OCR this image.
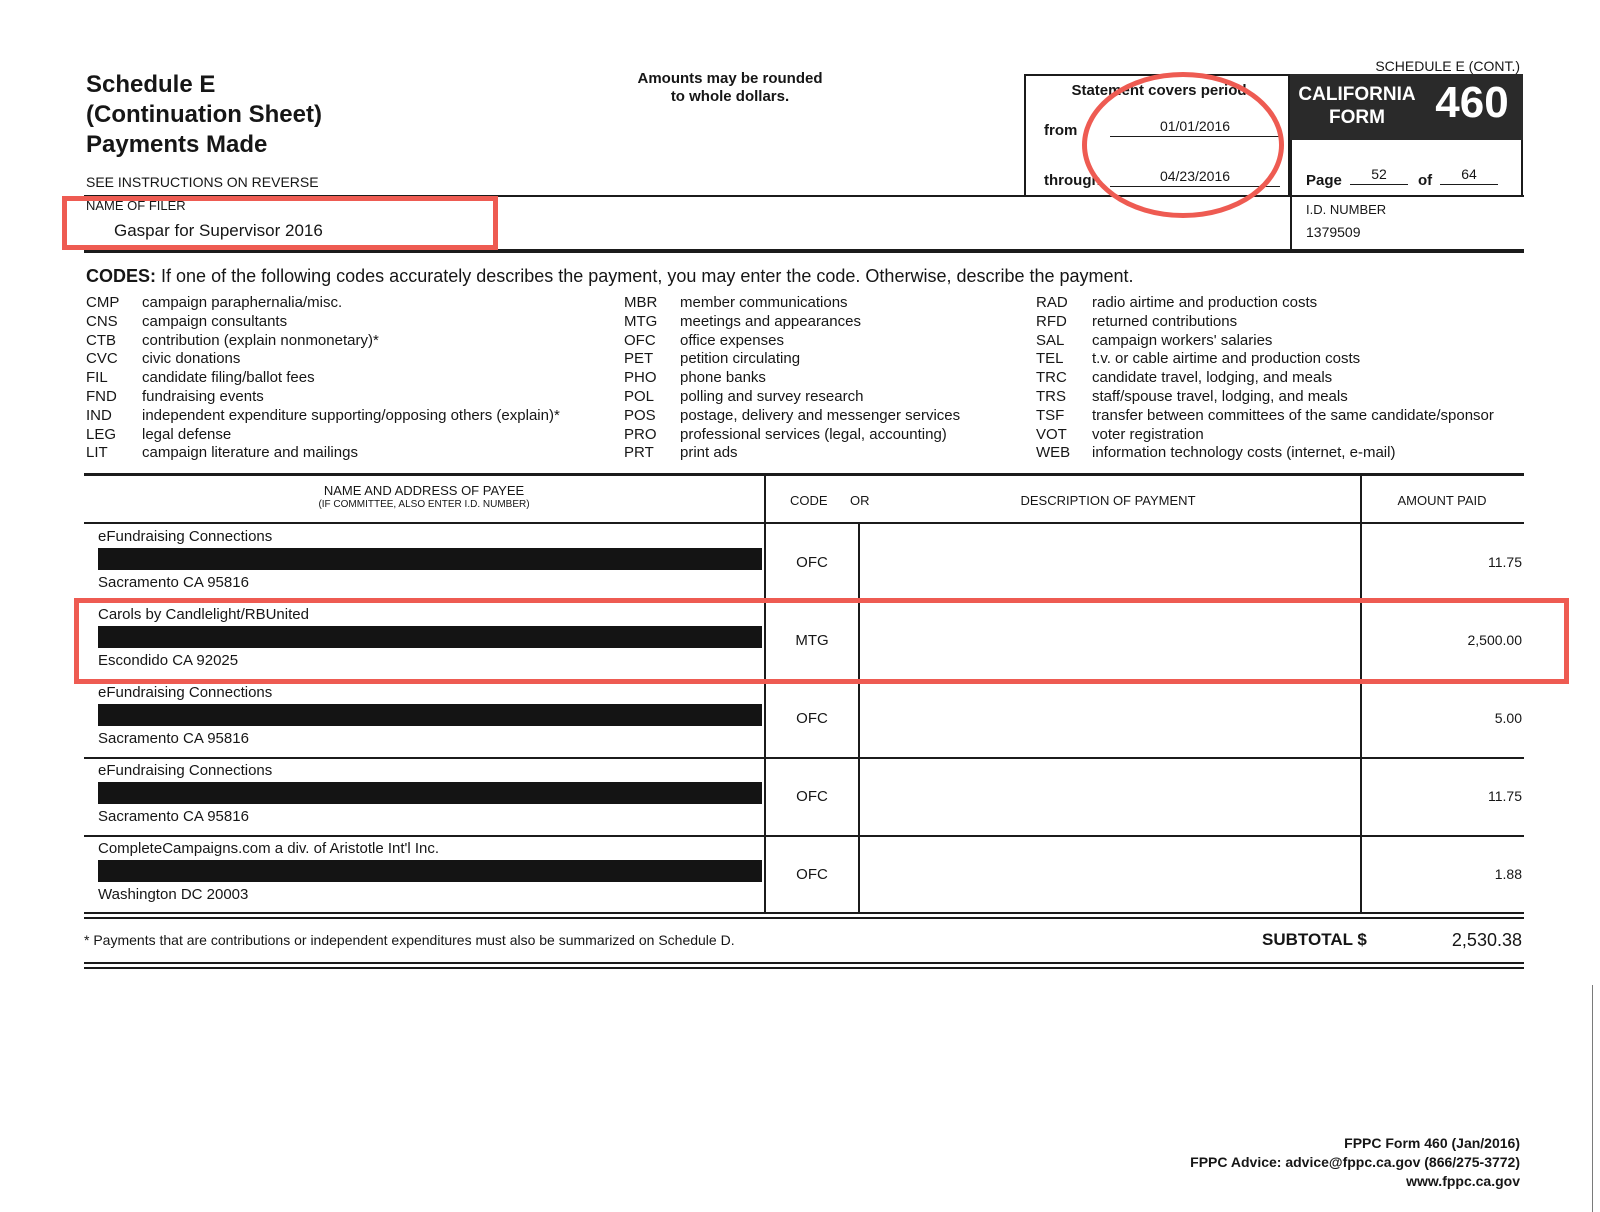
Schedule E
(Continuation Sheet)
Payments Made
SEE INSTRUCTIONS ON REVERSE
Amounts may be rounded
to whole dollars.
SCHEDULE E (CONT.)
Statement covers period
from	01/01/2016
through	04/23/2016
CALIFORNIA
FORM	460
Page	52	of	64
NAME OF FILER
Gaspar for Supervisor 2016
I.D. NUMBER
1379509
CODES: If one of the following codes accurately describes the payment, you may enter the code. Otherwise, describe the payment.
CMP campaign paraphernalia/misc.
CNS campaign consultants
CTB contribution (explain nonmonetary)*
CVC civic donations
FIL candidate filing/ballot fees
FND fundraising events
IND independent expenditure supporting/opposing others (explain)*
LEG legal defense
LIT campaign literature and mailings
MBR member communications
MTG meetings and appearances
OFC office expenses
PET petition circulating
PHO phone banks
POL polling and survey research
POS postage, delivery and messenger services
PRO professional services (legal, accounting)
PRT print ads
RAD radio airtime and production costs
RFD returned contributions
SAL campaign workers' salaries
TEL t.v. or cable airtime and production costs
TRC candidate travel, lodging, and meals
TRS staff/spouse travel, lodging, and meals
TSF transfer between committees of the same candidate/sponsor
VOT voter registration
WEB information technology costs (internet, e-mail)
NAME AND ADDRESS OF PAYEE
(IF COMMITTEE, ALSO ENTER I.D. NUMBER)	CODE OR	DESCRIPTION OF PAYMENT	AMOUNT PAID
eFundraising Connections
Sacramento CA 95816
OFC	11.75
Carols by Candlelight/RBUnited
Escondido CA 92025
MTG	2,500.00
eFundraising Connections
Sacramento CA 95816
OFC	5.00
eFundraising Connections
Sacramento CA 95816
OFC	11.75
CompleteCampaigns.com a div. of Aristotle Int'l Inc.
Washington DC 20003
OFC	1.88
* Payments that are contributions or independent expenditures must also be summarized on Schedule D.	SUBTOTAL $	2,530.38
FPPC Form 460 (Jan/2016)
FPPC Advice: advice@fppc.ca.gov (866/275-3772)
www.fppc.ca.gov
